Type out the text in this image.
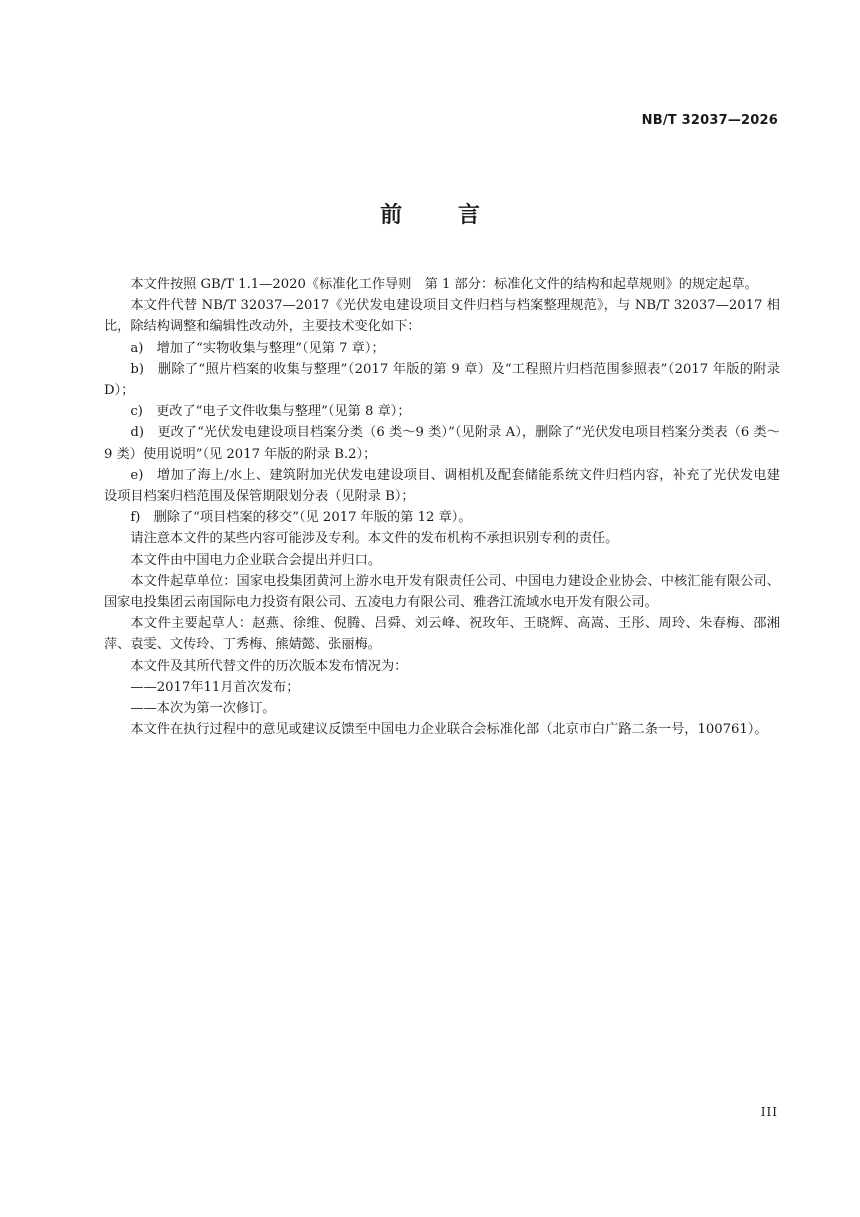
NB/T 32037—2026
前 言

本文件按照 GB/T 1.1—2020《标准化工作导则　第 1 部分：标准化文件的结构和起草规则》的规定起草。

本文件代替 NB/T 32037—2017《光伏发电建设项目文件归档与档案整理规范》，与 NB/T 32037—2017 相比，除结构调整和编辑性改动外，主要技术变化如下：

a)　增加了“实物收集与整理”（见第 7 章）；

b)　删除了“照片档案的收集与整理”（2017 年版的第 9 章）及“工程照片归档范围参照表”（2017 年版的附录 D）；

c)　更改了“电子文件收集与整理”（见第 8 章）；

d)　更改了“光伏发电建设项目档案分类（6 类～9 类）”（见附录 A），删除了“光伏发电项目档案分类表（6 类～9 类）使用说明”（见 2017 年版的附录 B.2）；

e)　增加了海上/水上、建筑附加光伏发电建设项目、调相机及配套储能系统文件归档内容，补充了光伏发电建设项目档案归档范围及保管期限划分表（见附录 B）；

f)　删除了“项目档案的移交”（见 2017 年版的第 12 章）。

请注意本文件的某些内容可能涉及专利。本文件的发布机构不承担识别专利的责任。

本文件由中国电力企业联合会提出并归口。

本文件起草单位：国家电投集团黄河上游水电开发有限责任公司、中国电力建设企业协会、中核汇能有限公司、国家电投集团云南国际电力投资有限公司、五凌电力有限公司、雅砻江流域水电开发有限公司。

本文件主要起草人：赵燕、徐维、倪腾、吕舜、刘云峰、祝玫年、王晓辉、高嵩、王彤、周玲、朱春梅、邵湘萍、袁雯、文传玲、丁秀梅、熊婧懿、张丽梅。

本文件及其所代替文件的历次版本发布情况为：

——2017年11月首次发布；

——本次为第一次修订。

本文件在执行过程中的意见或建议反馈至中国电力企业联合会标准化部（北京市白广路二条一号，100761）。

III
